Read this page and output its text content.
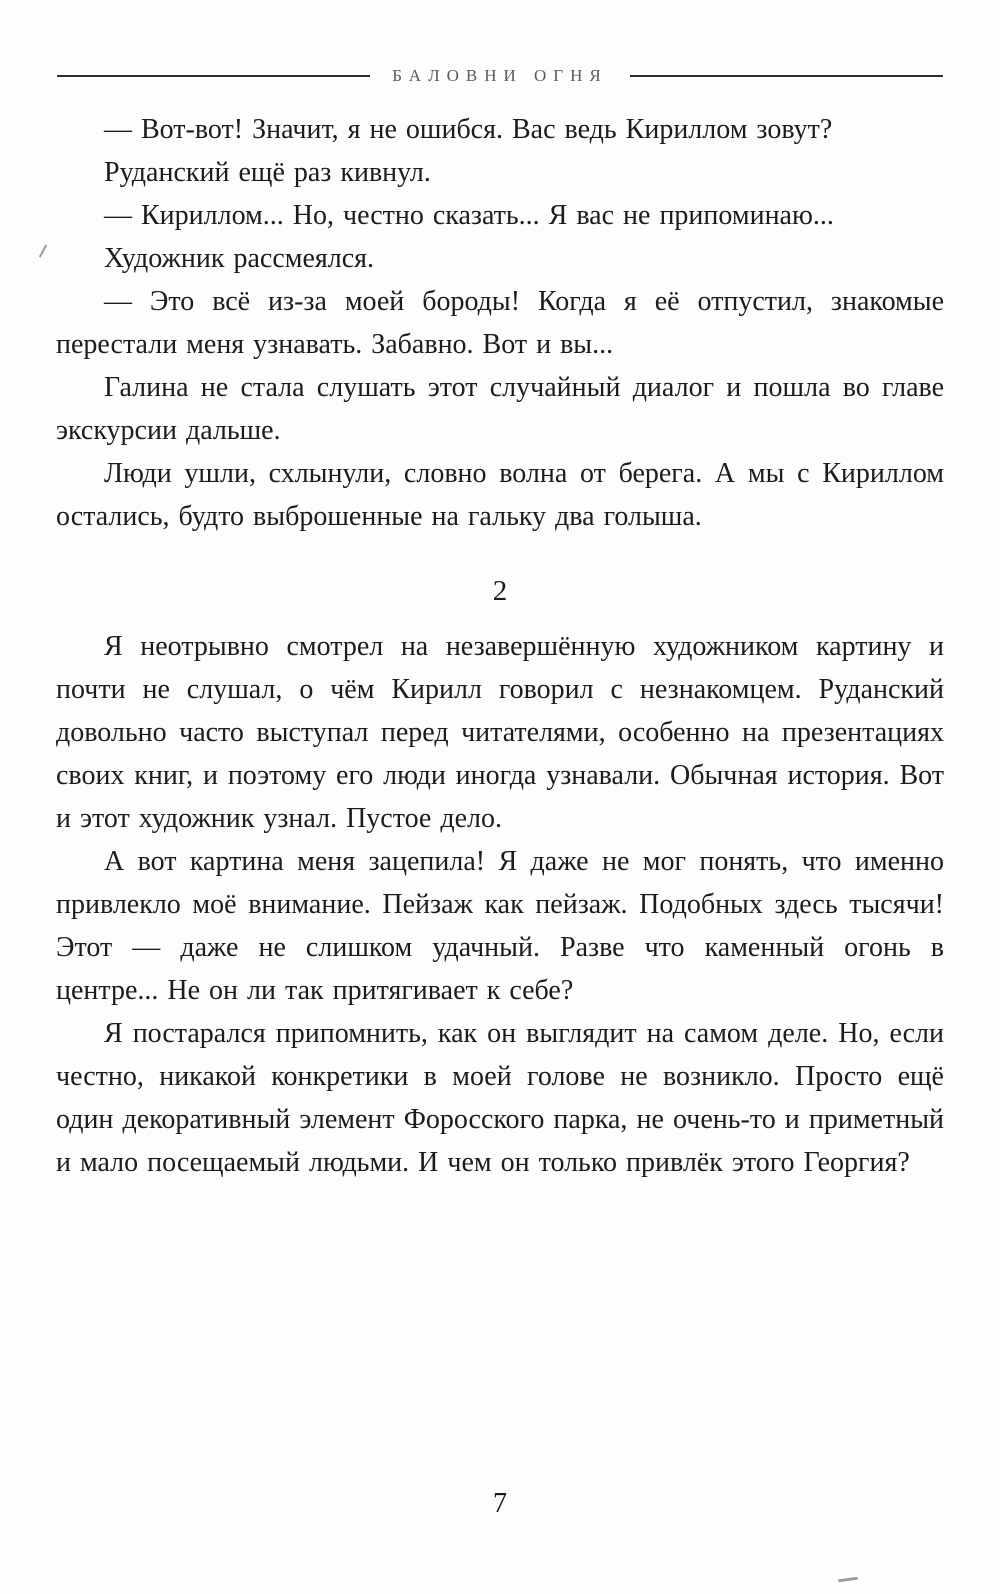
БАЛОВНИ ОГНЯ

— Вот-вот! Значит, я не ошибся. Вас ведь Кириллом зовут?

Руданский ещё раз кивнул.

— Кириллом... Но, честно сказать... Я вас не припоминаю...

Художник рассмеялся.

— Это всё из-за моей бороды! Когда я её отпустил, знакомые перестали меня узнавать. Забавно. Вот и вы...

Галина не стала слушать этот случайный диалог и пошла во главе экскурсии дальше.

Люди ушли, схлынули, словно волна от берега. А мы с Кириллом остались, будто выброшенные на гальку два голыша.

2

Я неотрывно смотрел на незавершённую художником картину и почти не слушал, о чём Кирилл говорил с незнакомцем. Руданский довольно часто выступал перед читателями, особенно на презентациях своих книг, и поэтому его люди иногда узнавали. Обычная история. Вот и этот художник узнал. Пустое дело.

А вот картина меня зацепила! Я даже не мог понять, что именно привлекло моё внимание. Пейзаж как пейзаж. Подобных здесь тысячи! Этот — даже не слишком удачный. Разве что каменный огонь в центре... Не он ли так притягивает к себе?

Я постарался припомнить, как он выглядит на самом деле. Но, если честно, никакой конкретики в моей голове не возникло. Просто ещё один декоративный элемент Форосского парка, не очень-то и приметный и мало посещаемый людьми. И чем он только привлёк этого Георгия?

7
